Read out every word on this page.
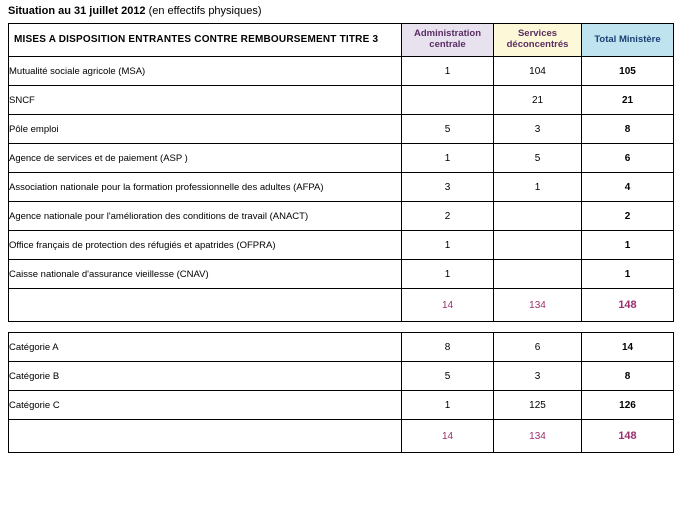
Situation au 31 juillet 2012 (en effectifs physiques)
MISES A DISPOSITION ENTRANTES CONTRE REMBOURSEMENT TITRE 3	Administration centrale	Services déconcentrés	Total Ministère
Mutualité sociale agricole (MSA)	1	104	105
SNCF		21	21
Pôle emploi	5	3	8
Agence de services et de paiement (ASP )	1	5	6
Association nationale pour la formation professionnelle des adultes (AFPA)	3	1	4
Agence nationale pour l'amélioration des conditions de travail (ANACT)	2		2
Office français de protection des réfugiés et apatrides (OFPRA)	1		1
Caisse nationale d'assurance vieillesse (CNAV)	1		1
TOTAL	14	134	148
Catégorie A	8	6	14
Catégorie B	5	3	8
Catégorie C	1	125	126
TOTAL	14	134	148
